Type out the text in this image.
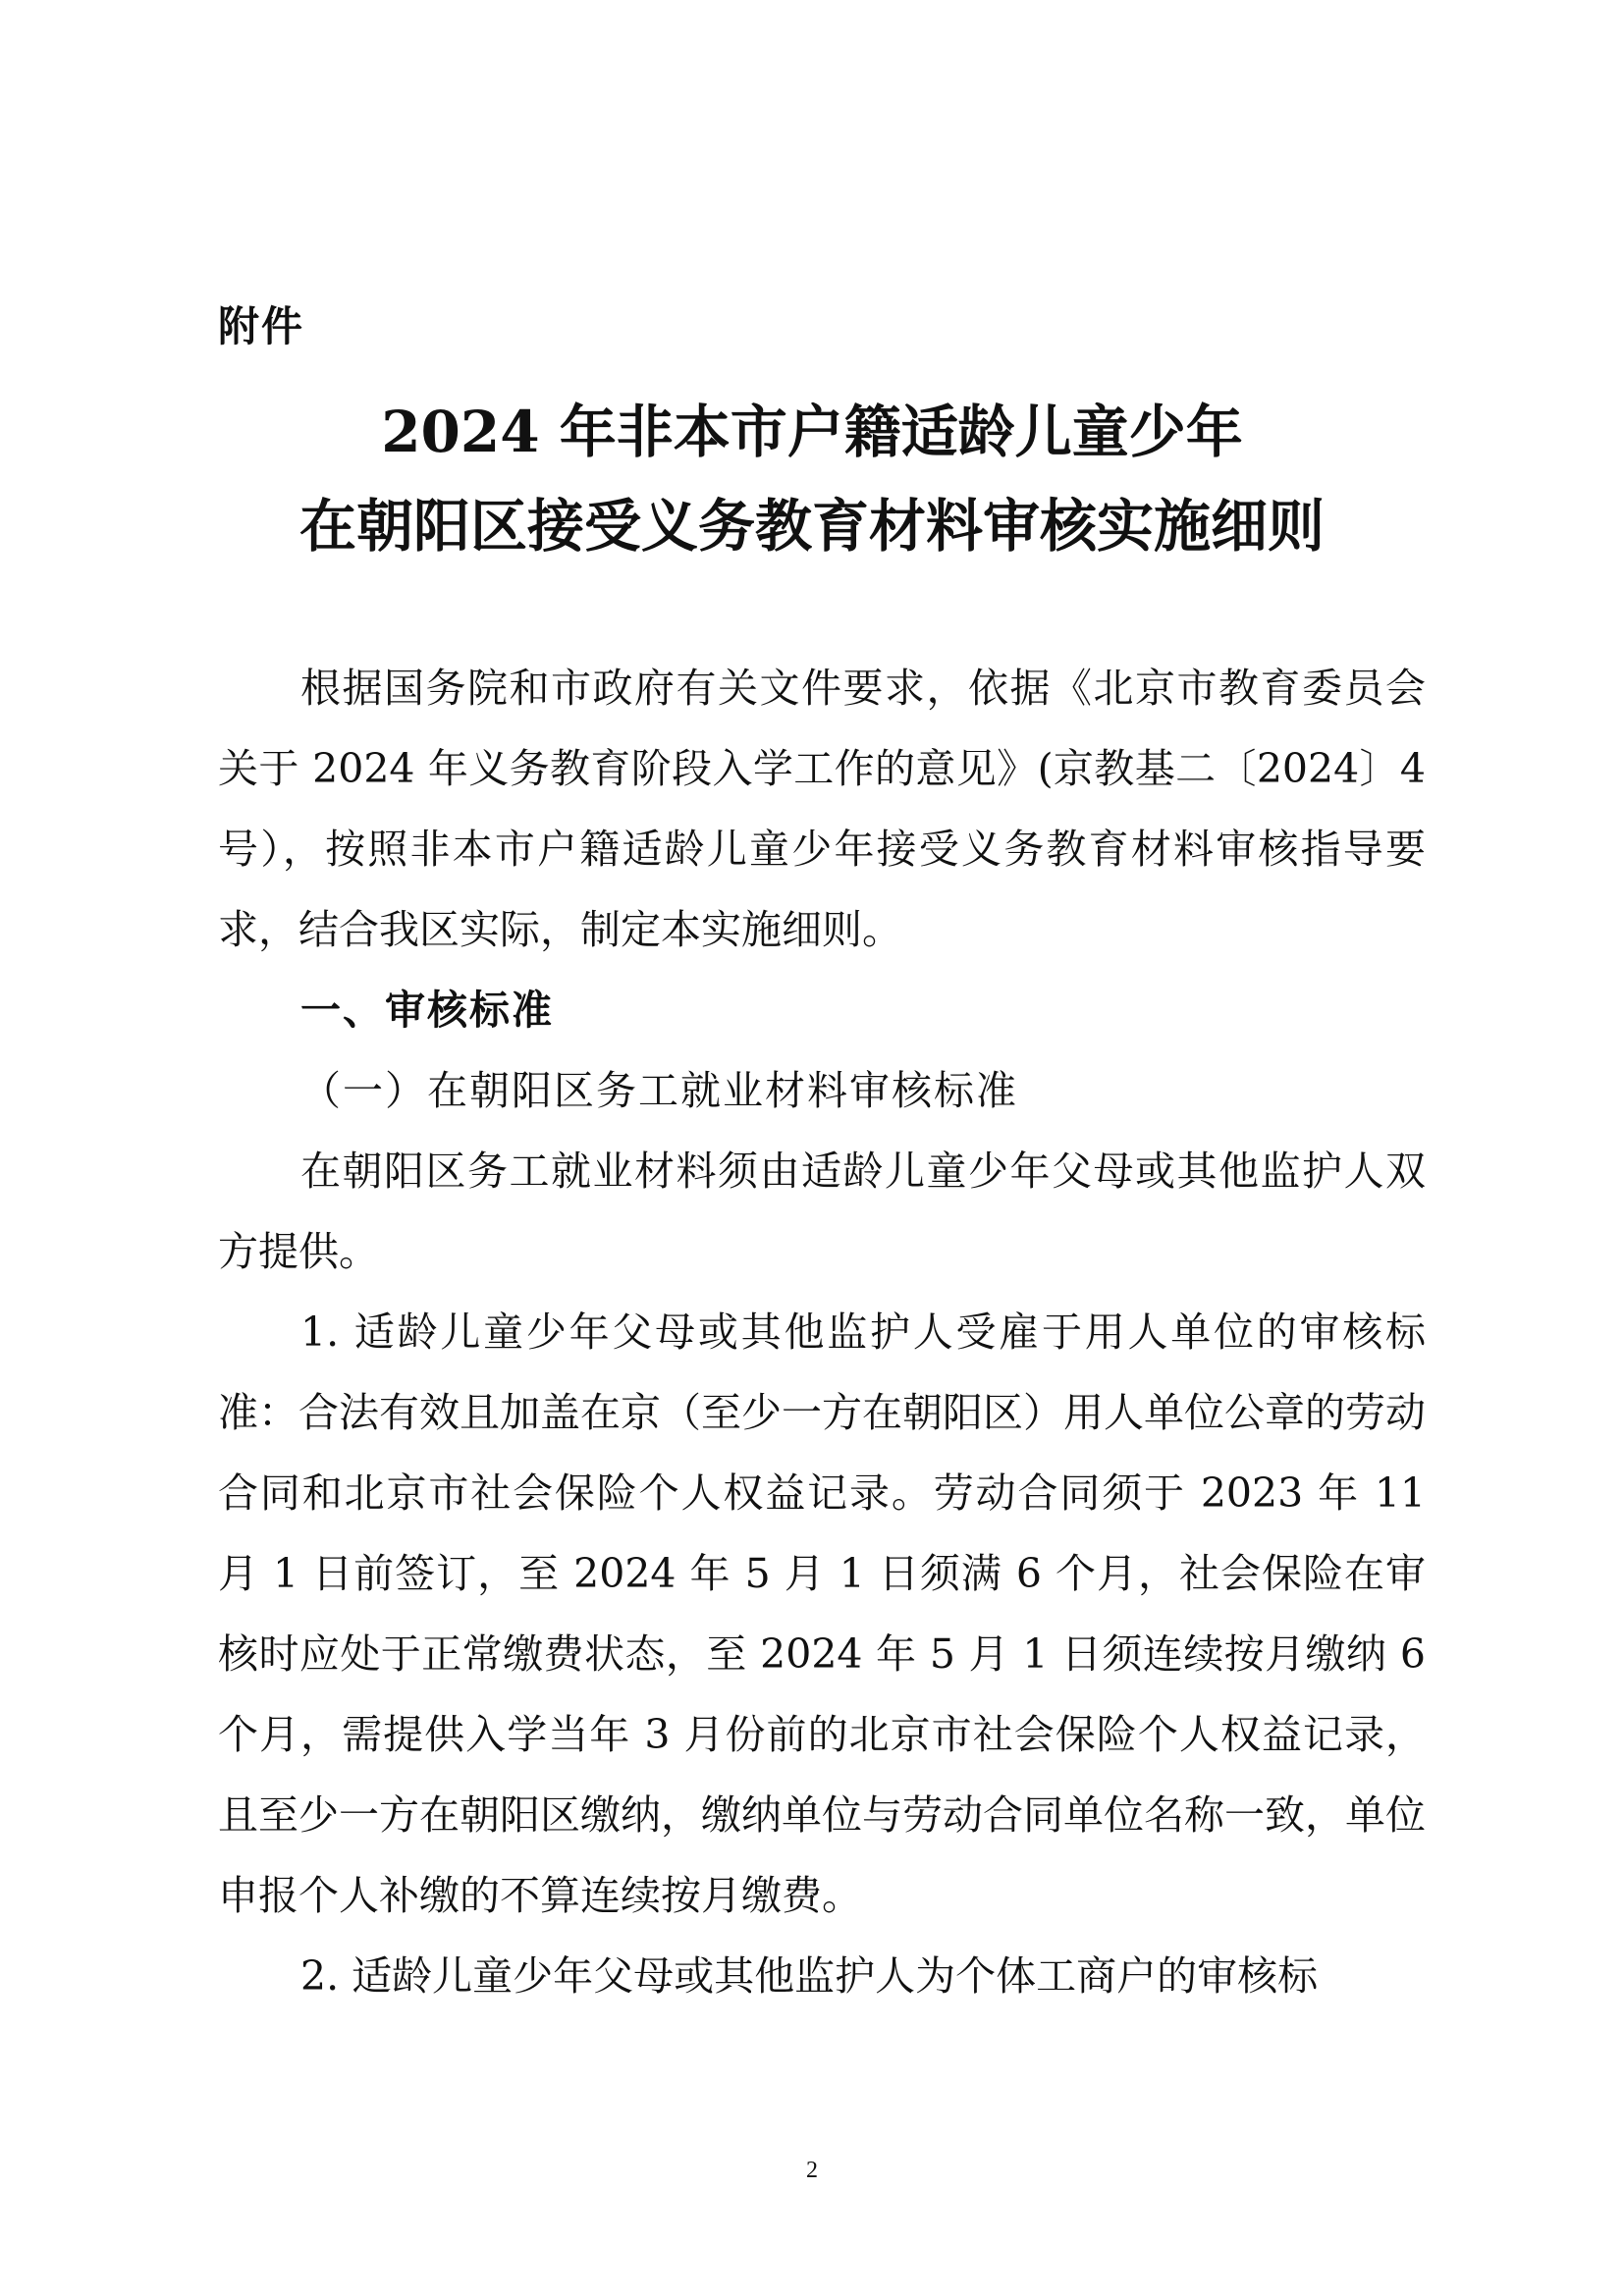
附件
2024 年非本市户籍适龄儿童少年
在朝阳区接受义务教育材料审核实施细则

根据国务院和市政府有关文件要求，依据《北京市教育委员会关于 2024 年义务教育阶段入学工作的意见》(京教基二〔2024〕4 号），按照非本市户籍适龄儿童少年接受义务教育材料审核指导要求，结合我区实际，制定本实施细则。

一、审核标准

（一）在朝阳区务工就业材料审核标准

在朝阳区务工就业材料须由适龄儿童少年父母或其他监护人双方提供。

1. 适龄儿童少年父母或其他监护人受雇于用人单位的审核标准：合法有效且加盖在京（至少一方在朝阳区）用人单位公章的劳动合同和北京市社会保险个人权益记录。劳动合同须于 2023 年 11 月 1 日前签订，至 2024 年 5 月 1 日须满 6 个月，社会保险在审核时应处于正常缴费状态，至 2024 年 5 月 1 日须连续按月缴纳 6 个月，需提供入学当年 3 月份前的北京市社会保险个人权益记录，且至少一方在朝阳区缴纳，缴纳单位与劳动合同单位名称一致，单位申报个人补缴的不算连续按月缴费。

2. 适龄儿童少年父母或其他监护人为个体工商户的审核标

2
